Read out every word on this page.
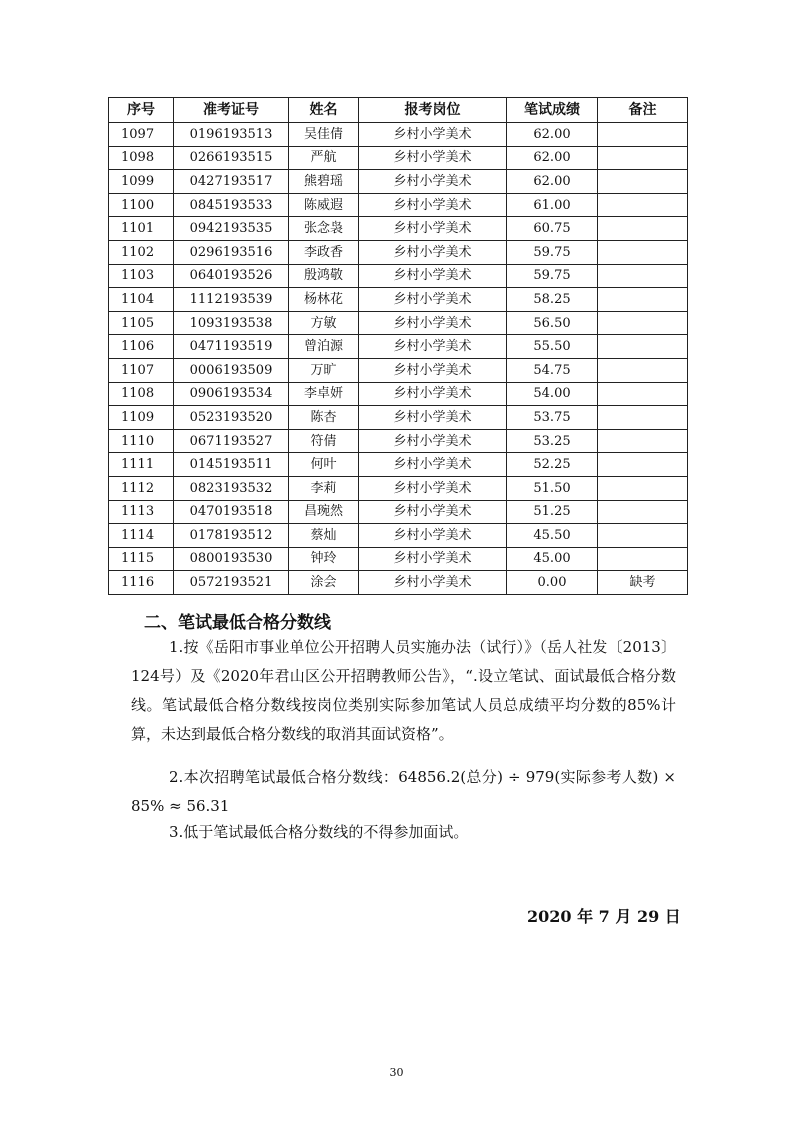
序号	准考证号	姓名	报考岗位	笔试成绩	备注
1097	0196193513	吴佳倩	乡村小学美术	62.00	
1098	0266193515	严航	乡村小学美术	62.00	
1099	0427193517	熊碧瑶	乡村小学美术	62.00	
1100	0845193533	陈威遐	乡村小学美术	61.00	
1101	0942193535	张念袅	乡村小学美术	60.75	
1102	0296193516	李政香	乡村小学美术	59.75	
1103	0640193526	殷鸿敬	乡村小学美术	59.75	
1104	1112193539	杨林花	乡村小学美术	58.25	
1105	1093193538	方敏	乡村小学美术	56.50	
1106	0471193519	曾泊源	乡村小学美术	55.50	
1107	0006193509	万旷	乡村小学美术	54.75	
1108	0906193534	李卓妍	乡村小学美术	54.00	
1109	0523193520	陈杏	乡村小学美术	53.75	
1110	0671193527	符倩	乡村小学美术	53.25	
1111	0145193511	何叶	乡村小学美术	52.25	
1112	0823193532	李莉	乡村小学美术	51.50	
1113	0470193518	昌琬然	乡村小学美术	51.25	
1114	0178193512	蔡灿	乡村小学美术	45.50	
1115	0800193530	钟玲	乡村小学美术	45.00	
1116	0572193521	涂会	乡村小学美术	0.00	缺考
二、笔试最低合格分数线

1.按《岳阳市事业单位公开招聘人员实施办法（试行）》（岳人社发〔2013〕124号）及《2020年君山区公开招聘教师公告》，“.设立笔试、面试最低合格分数线。笔试最低合格分数线按岗位类别实际参加笔试人员总成绩平均分数的85%计算，未达到最低合格分数线的取消其面试资格”。

2.本次招聘笔试最低合格分数线：64856.2(总分) ÷ 979(实际参考人数) × 85% ≈ 56.31

3.低于笔试最低合格分数线的不得参加面试。

2020 年 7 月 29 日

30
